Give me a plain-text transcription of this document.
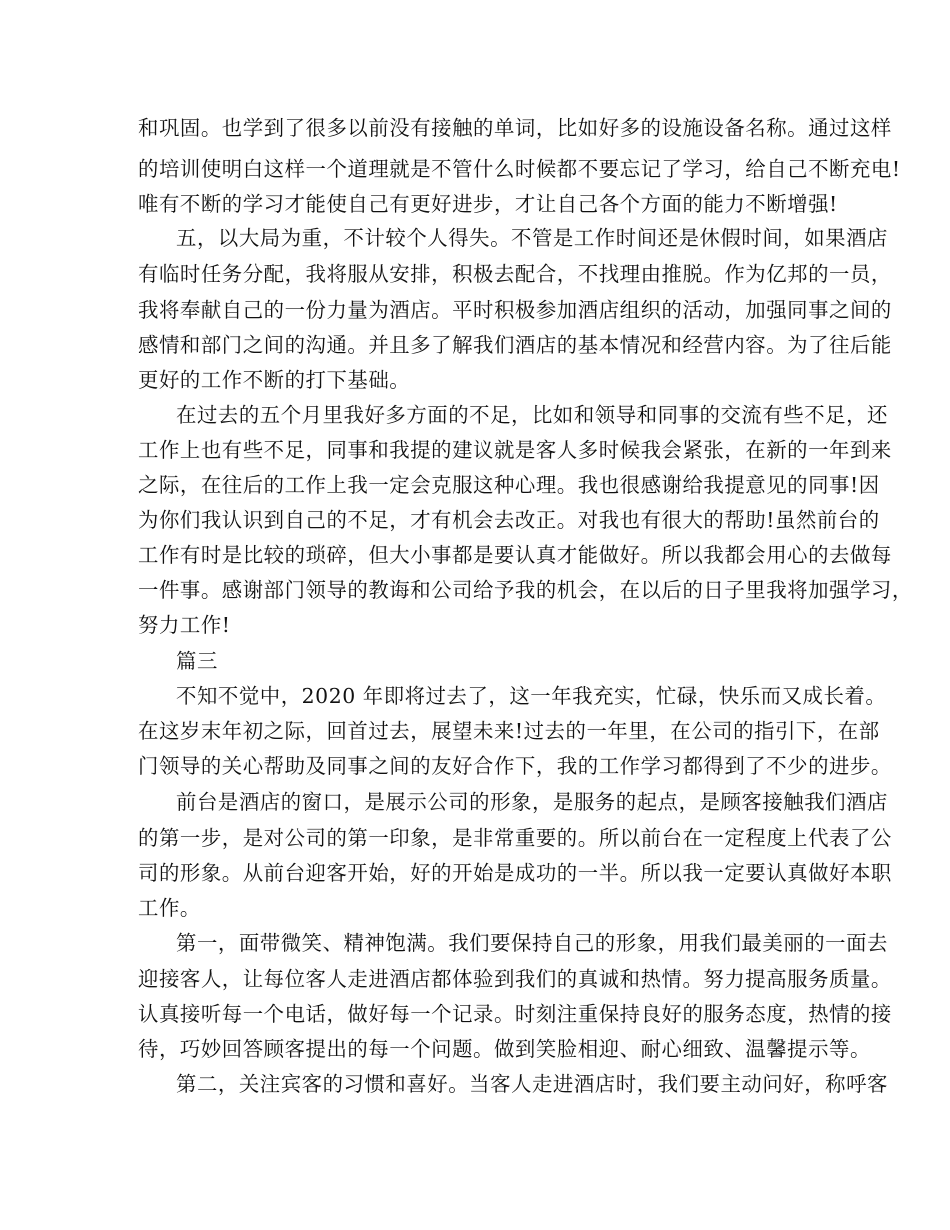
和巩固。也学到了很多以前没有接触的单词，比如好多的设施设备名称。通过这样
的培训使明白这样一个道理就是不管什么时候都不要忘记了学习，给自己不断充电!
唯有不断的学习才能使自己有更好进步，才让自己各个方面的能力不断增强!
五，以大局为重，不计较个人得失。不管是工作时间还是休假时间，如果酒店
有临时任务分配，我将服从安排，积极去配合，不找理由推脱。作为亿邦的一员，
我将奉献自己的一份力量为酒店。平时积极参加酒店组织的活动，加强同事之间的
感情和部门之间的沟通。并且多了解我们酒店的基本情况和经营内容。为了往后能
更好的工作不断的打下基础。
在过去的五个月里我好多方面的不足，比如和领导和同事的交流有些不足，还
工作上也有些不足，同事和我提的建议就是客人多时候我会紧张，在新的一年到来
之际，在往后的工作上我一定会克服这种心理。我也很感谢给我提意见的同事!因
为你们我认识到自己的不足，才有机会去改正。对我也有很大的帮助!虽然前台的
工作有时是比较的琐碎，但大小事都是要认真才能做好。所以我都会用心的去做每
一件事。感谢部门领导的教诲和公司给予我的机会，在以后的日子里我将加强学习，
努力工作!
篇三
不知不觉中，2020 年即将过去了，这一年我充实，忙碌，快乐而又成长着。
在这岁末年初之际，回首过去，展望未来!过去的一年里，在公司的指引下，在部
门领导的关心帮助及同事之间的友好合作下，我的工作学习都得到了不少的进步。
前台是酒店的窗口，是展示公司的形象，是服务的起点，是顾客接触我们酒店
的第一步，是对公司的第一印象，是非常重要的。所以前台在一定程度上代表了公
司的形象。从前台迎客开始，好的开始是成功的一半。所以我一定要认真做好本职
工作。
第一，面带微笑、精神饱满。我们要保持自己的形象，用我们最美丽的一面去
迎接客人，让每位客人走进酒店都体验到我们的真诚和热情。努力提高服务质量。
认真接听每一个电话，做好每一个记录。时刻注重保持良好的服务态度，热情的接
待，巧妙回答顾客提出的每一个问题。做到笑脸相迎、耐心细致、温馨提示等。
第二，关注宾客的习惯和喜好。当客人走进酒店时，我们要主动问好，称呼客
